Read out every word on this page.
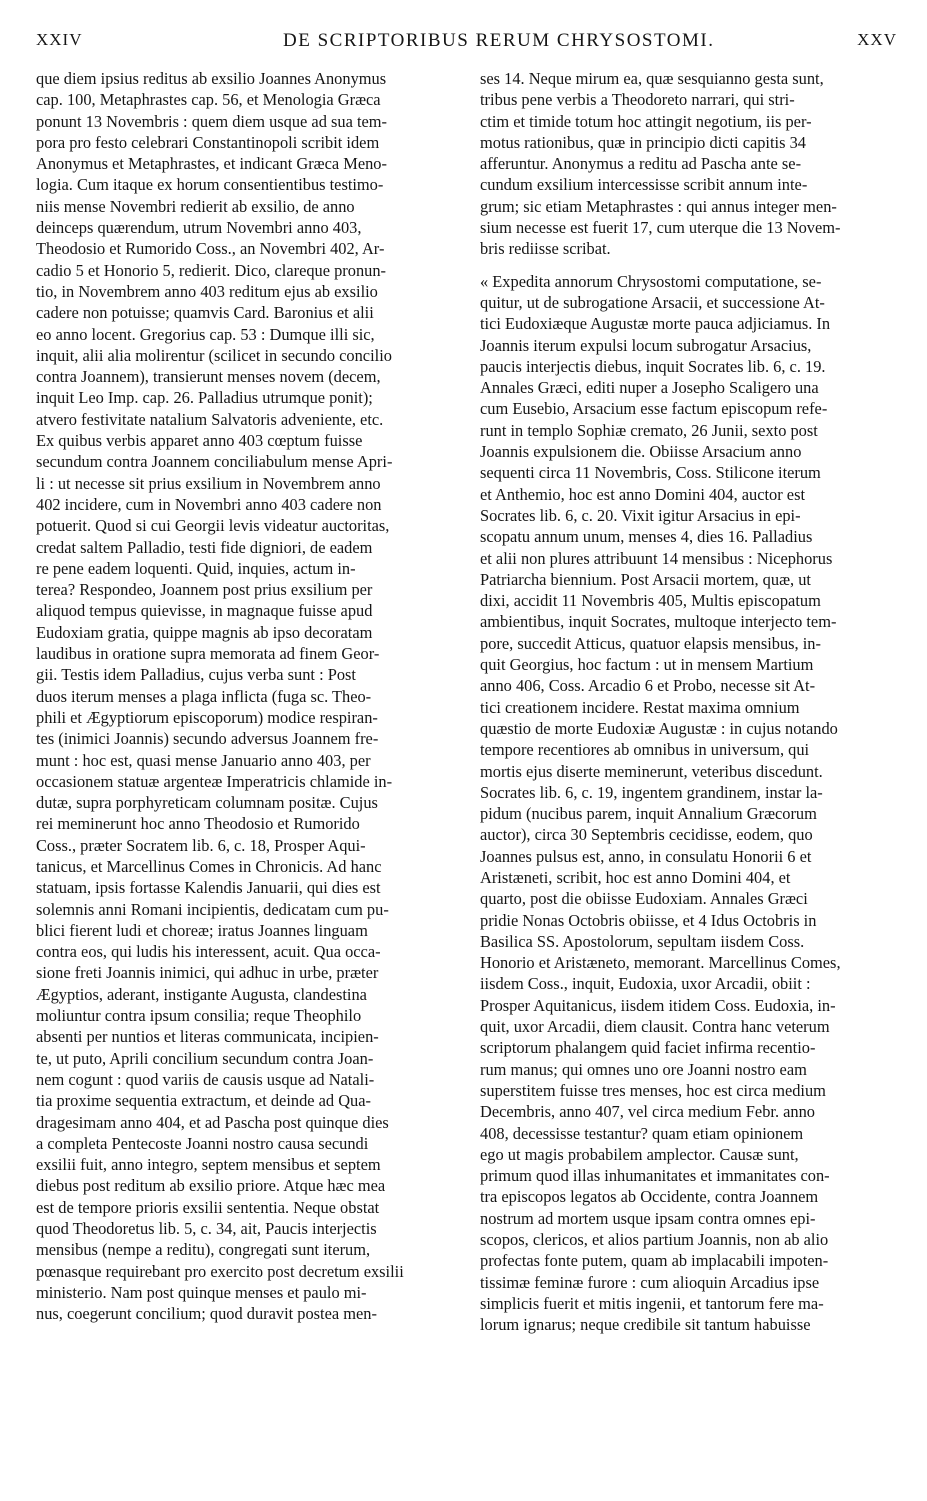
XXIV	DE SCRIPTORIBUS RERUM CHRYSOSTOMI.	XXV
que diem ipsius reditus ab exsilio Joannes Anonymus
cap. 100, Metaphrastes cap. 56, et Menologia Græca
ponunt 13 Novembris : quem diem usque ad sua tem-
pora pro festo celebrari Constantinopoli scribit idem
Anonymus et Metaphrastes, et indicant Græca Meno-
logia. Cum itaque ex horum consentientibus testimo-
niis mense Novembri redierit ab exsilio, de anno
deinceps quærendum, utrum Novembri anno 403,
Theodosio et Rumorido Coss., an Novembri 402, Ar-
cadio 5 et Honorio 5, redierit. Dico, clareque pronun-
tio, in Novembrem anno 403 reditum ejus ab exsilio
cadere non potuisse; quamvis Card. Baronius et alii
eo anno locent. Gregorius cap. 53 : Dumque illi sic,
inquit, alii alia molirentur (scilicet in secundo concilio
contra Joannem), transierunt menses novem (decem,
inquit Leo Imp. cap. 26. Palladius utrumque ponit);
atvero festivitate natalium Salvatoris adveniente, etc.
Ex quibus verbis apparet anno 403 cœptum fuisse
secundum contra Joannem conciliabulum mense Apri-
li : ut necesse sit prius exsilium in Novembrem anno
402 incidere, cum in Novembri anno 403 cadere non
potuerit. Quod si cui Georgii levis videatur auctoritas,
credat saltem Palladio, testi fide digniori, de eadem
re pene eadem loquenti. Quid, inquies, actum in-
terea? Respondeo, Joannem post prius exsilium per
aliquod tempus quievisse, in magnaque fuisse apud
Eudoxiam gratia, quippe magnis ab ipso decoratam
laudibus in oratione supra memorata ad finem Geor-
gii. Testis idem Palladius, cujus verba sunt : Post
duos iterum menses a plaga inflicta (fuga sc. Theo-
phili et Ægyptiorum episcoporum) modice respiran-
tes (inimici Joannis) secundo adversus Joannem fre-
munt : hoc est, quasi mense Januario anno 403, per
occasionem statuæ argenteæ Imperatricis chlamide in-
dutæ, supra porphyreticam columnam positæ. Cujus
rei meminerunt hoc anno Theodosio et Rumorido
Coss., præter Socratem lib. 6, c. 18, Prosper Aqui-
tanicus, et Marcellinus Comes in Chronicis. Ad hanc
statuam, ipsis fortasse Kalendis Januarii, qui dies est
solemnis anni Romani incipientis, dedicatam cum pu-
blici fierent ludi et choreæ; iratus Joannes linguam
contra eos, qui ludis his interessent, acuit. Qua occa-
sione freti Joannis inimici, qui adhuc in urbe, præter
Ægyptios, aderant, instigante Augusta, clandestina
moliuntur contra ipsum consilia; reque Theophilo
absenti per nuntios et literas communicata, incipien-
te, ut puto, Aprili concilium secundum contra Joan-
nem cogunt : quod variis de causis usque ad Natali-
tia proxime sequentia extractum, et deinde ad Qua-
dragesimam anno 404, et ad Pascha post quinque dies
a completa Pentecoste Joanni nostro causa secundi
exsilii fuit, anno integro, septem mensibus et septem
diebus post reditum ab exsilio priore. Atque hæc mea
est de tempore prioris exsilii sententia. Neque obstat
quod Theodoretus lib. 5, c. 34, ait, Paucis interjectis
mensibus (nempe a reditu), congregati sunt iterum,
pœnasque requirebant pro exercito post decretum exsilii
ministerio. Nam post quinque menses et paulo mi-
nus, coegerunt concilium; quod duravit postea men-
ses 14. Neque mirum ea, quæ sesquianno gesta sunt,
tribus pene verbis a Theodoreto narrari, qui stri-
ctim et timide totum hoc attingit negotium, iis per-
motus rationibus, quæ in principio dicti capitis 34
afferuntur. Anonymus a reditu ad Pascha ante se-
cundum exsilium intercessisse scribit annum inte-
grum; sic etiam Metaphrastes : qui annus integer men-
sium necesse est fuerit 17, cum uterque die 13 Novem-
bris rediisse scribat.
« Expedita annorum Chrysostomi computatione, se-
quitur, ut de subrogatione Arsacii, et successione At-
tici Eudoxiæque Augustæ morte pauca adjiciamus. In
Joannis iterum expulsi locum subrogatur Arsacius,
paucis interjectis diebus, inquit Socrates lib. 6, c. 19.
Annales Græci, editi nuper a Josepho Scaligero una
cum Eusebio, Arsacium esse factum episcopum refe-
runt in templo Sophiæ cremato, 26 Junii, sexto post
Joannis expulsionem die. Obiisse Arsacium anno
sequenti circa 11 Novembris, Coss. Stilicone iterum
et Anthemio, hoc est anno Domini 404, auctor est
Socrates lib. 6, c. 20. Vixit igitur Arsacius in epi-
scopatu annum unum, menses 4, dies 16. Palladius
et alii non plures attribuunt 14 mensibus : Nicephorus
Patriarcha biennium. Post Arsacii mortem, quæ, ut
dixi, accidit 11 Novembris 405, Multis episcopatum
ambientibus, inquit Socrates, multoque interjecto tem-
pore, succedit Atticus, quatuor elapsis mensibus, in-
quit Georgius, hoc factum : ut in mensem Martium
anno 406, Coss. Arcadio 6 et Probo, necesse sit At-
tici creationem incidere. Restat maxima omnium
quæstio de morte Eudoxiæ Augustæ : in cujus notando
tempore recentiores ab omnibus in universum, qui
mortis ejus diserte meminerunt, veteribus discedunt.
Socrates lib. 6, c. 19, ingentem grandinem, instar la-
pidum (nucibus parem, inquit Annalium Græcorum
auctor), circa 30 Septembris cecidisse, eodem, quo
Joannes pulsus est, anno, in consulatu Honorii 6 et
Aristæneti, scribit, hoc est anno Domini 404, et
quarto, post die obiisse Eudoxiam. Annales Græci
pridie Nonas Octobris obiisse, et 4 Idus Octobris in
Basilica SS. Apostolorum, sepultam iisdem Coss.
Honorio et Aristæneto, memorant. Marcellinus Comes,
iisdem Coss., inquit, Eudoxia, uxor Arcadii, obiit :
Prosper Aquitanicus, iisdem itidem Coss. Eudoxia, in-
quit, uxor Arcadii, diem clausit. Contra hanc veterum
scriptorum phalangem quid faciet infirma recentio-
rum manus; qui omnes uno ore Joanni nostro eam
superstitem fuisse tres menses, hoc est circa medium
Decembris, anno 407, vel circa medium Febr. anno
408, decessisse testantur? quam etiam opinionem
ego ut magis probabilem amplector. Causæ sunt,
primum quod illas inhumanitates et immanitates con-
tra episcopos legatos ab Occidente, contra Joannem
nostrum ad mortem usque ipsam contra omnes epi-
scopos, clericos, et alios partium Joannis, non ab alio
profectas fonte putem, quam ab implacabili impoten-
tissimæ feminæ furore : cum alioquin Arcadius ipse
simplicis fuerit et mitis ingenii, et tantorum fere ma-
lorum ignarus; neque credibile sit tantum habuisse
